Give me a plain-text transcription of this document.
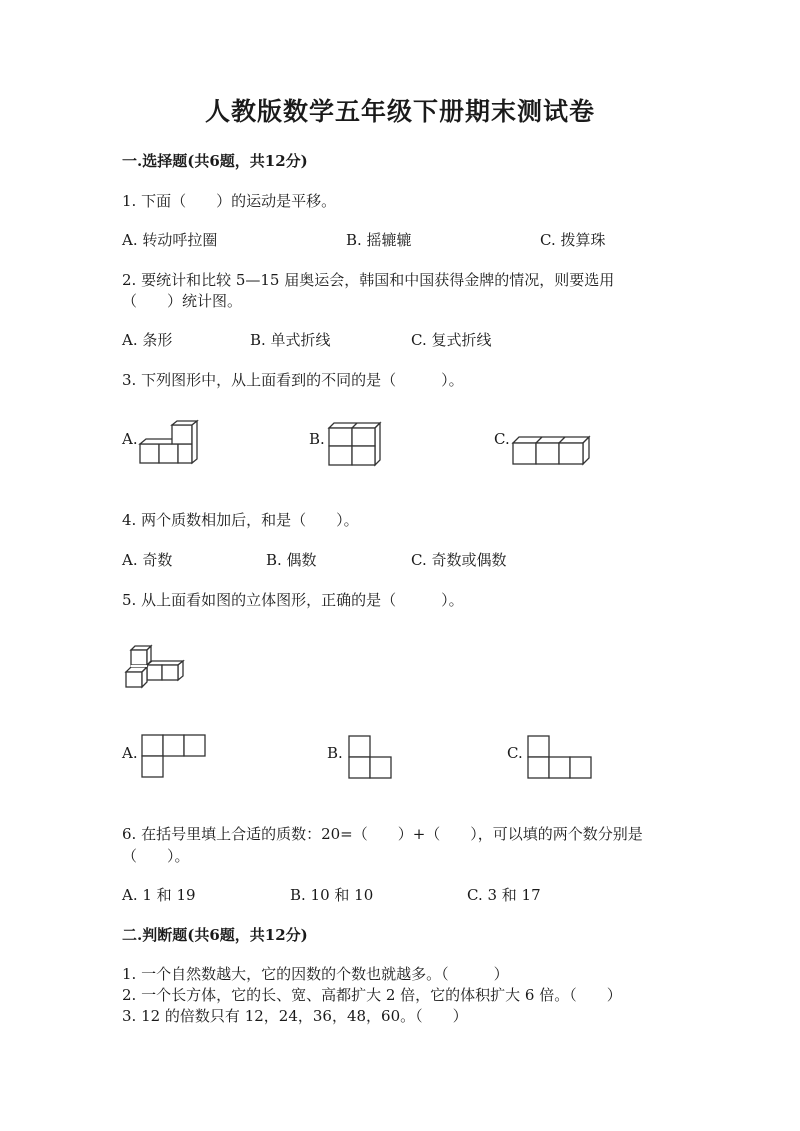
人教版数学五年级下册期末测试卷
一.选择题(共6题，共12分)
1. 下面（　　）的运动是平移。
A. 转动呼拉圈	B. 摇辘辘	C. 拨算珠
2. 要统计和比较 5—15 届奥运会，韩国和中国获得金牌的情况，则要选用
（　　）统计图。
A. 条形	B. 单式折线	C. 复式折线
3. 下列图形中，从上面看到的不同的是（　　　）。
A.	B.	C.
4. 两个质数相加后，和是（　　）。
A. 奇数	B. 偶数	C. 奇数或偶数
5. 从上面看如图的立体图形，正确的是（　　　）。
A.	B.	C.
6. 在括号里填上合适的质数：20=（　　）+（　　），可以填的两个数分别是
（　　）。
A. 1 和 19	B. 10 和 10	C. 3 和 17
二.判断题(共6题，共12分)
1. 一个自然数越大，它的因数的个数也就越多。（　　　）
2. 一个长方体，它的长、宽、高都扩大 2 倍，它的体积扩大 6 倍。（　　）
3. 12 的倍数只有 12，24，36，48，60。（　　）
